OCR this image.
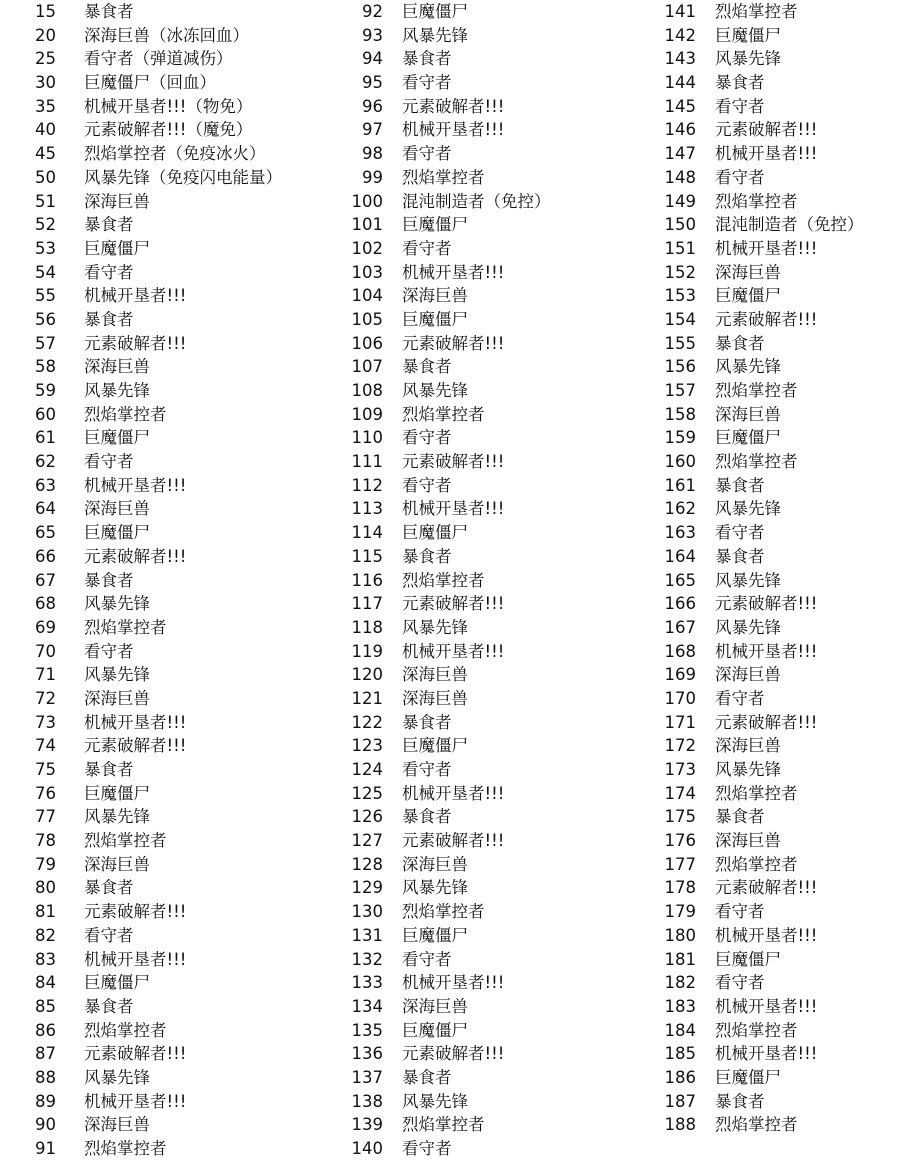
15 暴食者
20 深海巨兽（冰冻回血）
25 看守者（弹道减伤）
30 巨魔僵尸（回血）
35 机械开垦者!!!（物免）
40 元素破解者!!!（魔免）
45 烈焰掌控者（免疫冰火）
50 风暴先锋（免疫闪电能量）
51 深海巨兽
52 暴食者
53 巨魔僵尸
54 看守者
55 机械开垦者!!!
56 暴食者
57 元素破解者!!!
58 深海巨兽
59 风暴先锋
60 烈焰掌控者
61 巨魔僵尸
62 看守者
63 机械开垦者!!!
64 深海巨兽
65 巨魔僵尸
66 元素破解者!!!
67 暴食者
68 风暴先锋
69 烈焰掌控者
70 看守者
71 风暴先锋
72 深海巨兽
73 机械开垦者!!!
74 元素破解者!!!
75 暴食者
76 巨魔僵尸
77 风暴先锋
78 烈焰掌控者
79 深海巨兽
80 暴食者
81 元素破解者!!!
82 看守者
83 机械开垦者!!!
84 巨魔僵尸
85 暴食者
86 烈焰掌控者
87 元素破解者!!!
88 风暴先锋
89 机械开垦者!!!
90 深海巨兽
91 烈焰掌控者
92 巨魔僵尸
93 风暴先锋
94 暴食者
95 看守者
96 元素破解者!!!
97 机械开垦者!!!
98 看守者
99 烈焰掌控者
100 混沌制造者（免控）
101 巨魔僵尸
102 看守者
103 机械开垦者!!!
104 深海巨兽
105 巨魔僵尸
106 元素破解者!!!
107 暴食者
108 风暴先锋
109 烈焰掌控者
110 看守者
111 元素破解者!!!
112 看守者
113 机械开垦者!!!
114 巨魔僵尸
115 暴食者
116 烈焰掌控者
117 元素破解者!!!
118 风暴先锋
119 机械开垦者!!!
120 深海巨兽
121 深海巨兽
122 暴食者
123 巨魔僵尸
124 看守者
125 机械开垦者!!!
126 暴食者
127 元素破解者!!!
128 深海巨兽
129 风暴先锋
130 烈焰掌控者
131 巨魔僵尸
132 看守者
133 机械开垦者!!!
134 深海巨兽
135 巨魔僵尸
136 元素破解者!!!
137 暴食者
138 风暴先锋
139 烈焰掌控者
140 看守者
141 烈焰掌控者
142 巨魔僵尸
143 风暴先锋
144 暴食者
145 看守者
146 元素破解者!!!
147 机械开垦者!!!
148 看守者
149 烈焰掌控者
150 混沌制造者（免控）
151 机械开垦者!!!
152 深海巨兽
153 巨魔僵尸
154 元素破解者!!!
155 暴食者
156 风暴先锋
157 烈焰掌控者
158 深海巨兽
159 巨魔僵尸
160 烈焰掌控者
161 暴食者
162 风暴先锋
163 看守者
164 暴食者
165 风暴先锋
166 元素破解者!!!
167 风暴先锋
168 机械开垦者!!!
169 深海巨兽
170 看守者
171 元素破解者!!!
172 深海巨兽
173 风暴先锋
174 烈焰掌控者
175 暴食者
176 深海巨兽
177 烈焰掌控者
178 元素破解者!!!
179 看守者
180 机械开垦者!!!
181 巨魔僵尸
182 看守者
183 机械开垦者!!!
184 烈焰掌控者
185 机械开垦者!!!
186 巨魔僵尸
187 暴食者
188 烈焰掌控者
